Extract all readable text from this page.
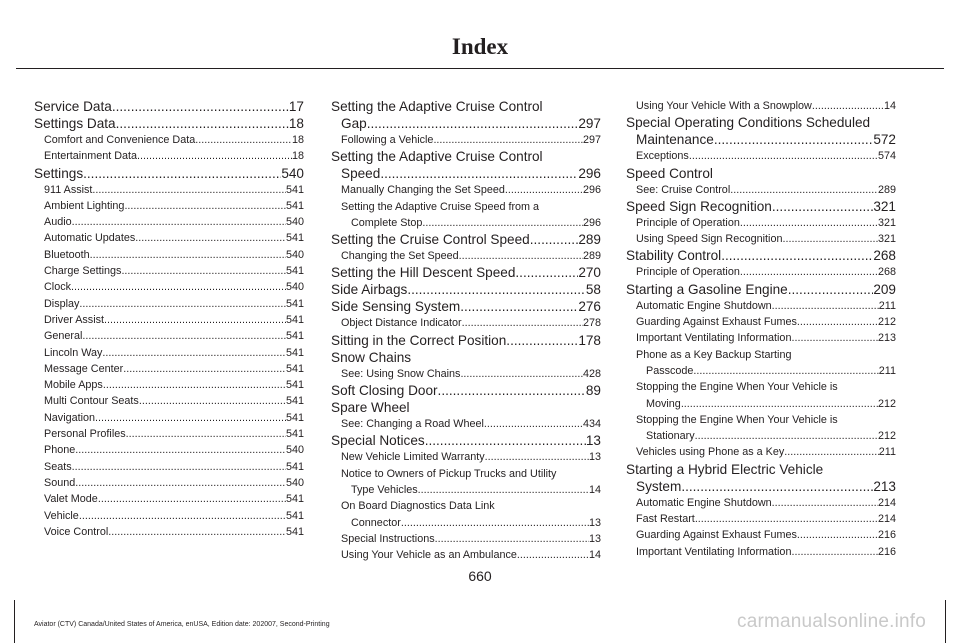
Index
Service Data .....	17
Settings Data .....	18
Comfort and Convenience Data .....	18
Entertainment Data .....	18
Settings .....	540
911 Assist .....	541
Ambient Lighting .....	541
Audio .....	540
Automatic Updates .....	541
Bluetooth .....	540
Charge Settings .....	541
Clock .....	540
Display .....	541
Driver Assist .....	541
General .....	541
Lincoln Way .....	541
Message Center .....	541
Mobile Apps .....	541
Multi Contour Seats .....	541
Navigation .....	541
Personal Profiles .....	541
Phone .....	540
Seats .....	541
Sound .....	540
Valet Mode .....	541
Vehicle .....	541
Voice Control .....	541
Setting the Adaptive Cruise Control
Gap .....	297
Following a Vehicle .....	297
Setting the Adaptive Cruise Control
Speed .....	296
Manually Changing the Set Speed .....	296
Setting the Adaptive Cruise Speed from a
Complete Stop .....	296
Setting the Cruise Control Speed .....	289
Changing the Set Speed .....	289
Setting the Hill Descent Speed .....	270
Side Airbags .....	58
Side Sensing System .....	276
Object Distance Indicator .....	278
Sitting in the Correct Position .....	178
Snow Chains
See: Using Snow Chains .....	428
Soft Closing Door .....	89
Spare Wheel
See: Changing a Road Wheel .....	434
Special Notices .....	13
New Vehicle Limited Warranty .....	13
Notice to Owners of Pickup Trucks and Utility
Type Vehicles .....	14
On Board Diagnostics Data Link
Connector .....	13
Special Instructions .....	13
Using Your Vehicle as an Ambulance .....	14
Using Your Vehicle With a Snowplow .....	14
Special Operating Conditions Scheduled
Maintenance .....	572
Exceptions .....	574
Speed Control
See: Cruise Control .....	289
Speed Sign Recognition .....	321
Principle of Operation .....	321
Using Speed Sign Recognition .....	321
Stability Control .....	268
Principle of Operation .....	268
Starting a Gasoline Engine .....	209
Automatic Engine Shutdown .....	211
Guarding Against Exhaust Fumes .....	212
Important Ventilating Information .....	213
Phone as a Key Backup Starting
Passcode .....	211
Stopping the Engine When Your Vehicle is
Moving .....	212
Stopping the Engine When Your Vehicle is
Stationary .....	212
Vehicles using Phone as a Key .....	211
Starting a Hybrid Electric Vehicle
System .....	213
Automatic Engine Shutdown .....	214
Fast Restart .....	214
Guarding Against Exhaust Fumes .....	216
Important Ventilating Information .....	216
660
Aviator (CTV) Canada/United States of America, enUSA, Edition date: 202007, Second-Printing	carmanualsonline.info
